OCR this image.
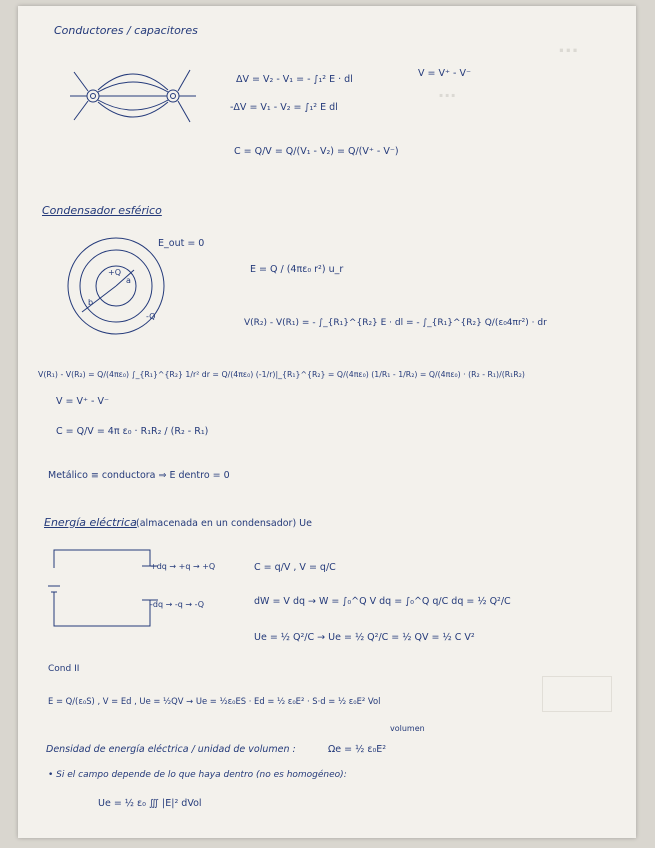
...
...
Conductores / capacitores
ΔV = V₂ - V₁ = - ∫₁² E · dl
V = V⁺ - V⁻
-ΔV = V₁ - V₂ = ∫₁² E dl
C = Q/V = Q/(V₁ - V₂) = Q/(V⁺ - V⁻)
Condensador esférico
+Q
-Q
a
b
E_out = 0
E = Q / (4πε₀ r²) u_r
V(R₂) - V(R₁) = - ∫_{R₁}^{R₂} E · dl = - ∫_{R₁}^{R₂} Q/(ε₀4πr²) · dr
V(R₁) - V(R₂) = Q/(4πε₀) ∫_{R₁}^{R₂} 1/r² dr = Q/(4πε₀) (-1/r)|_{R₁}^{R₂} = Q/(4πε₀) (1/R₁ - 1/R₂) = Q/(4πε₀) · (R₂ - R₁)/(R₁R₂)
V = V⁺ - V⁻
C = Q/V = 4π ε₀ · R₁R₂ / (R₂ - R₁)
Metálico ≡ conductora ⇒ E dentro = 0
Energía eléctrica (almacenada en un condensador) Ue
+dq → +q → +Q
-dq → -q → -Q
C = q/V , V = q/C
dW = V dq → W = ∫₀^Q V dq = ∫₀^Q q/C dq = ½ Q²/C
Ue = ½ Q²/C → Ue = ½ Q²/C = ½ QV = ½ C V²
Cond II
E = Q/(ε₀S) , V = Ed , Ue = ½QV → Ue = ½ε₀ES · Ed = ½ ε₀E² · S·d = ½ ε₀E² Vol
volumen
Densidad de energía eléctrica / unidad de volumen :	Ωe = ½ ε₀E²
• Si el campo depende de lo que haya dentro (no es homogéneo):
Ue = ½ ε₀ ∭ |E|² dVol
